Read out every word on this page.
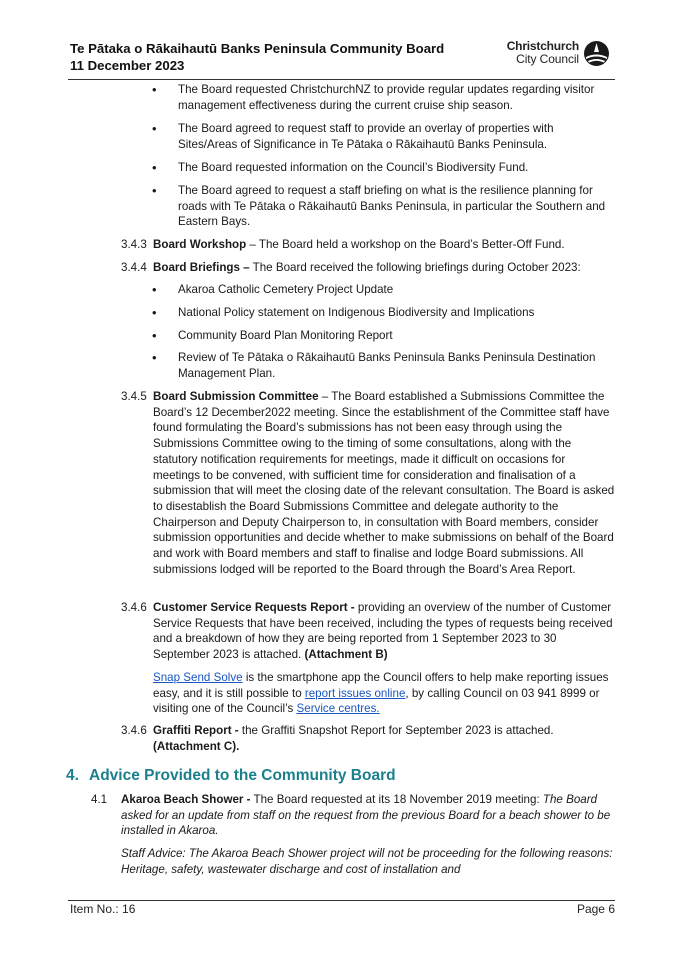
Te Pātaka o Rākaihautū Banks Peninsula Community Board
11 December 2023
Christchurch
City Council
•	The Board requested ChristchurchNZ to provide regular updates regarding visitor management effectiveness during the current cruise ship season.
•	The Board agreed to request staff to provide an overlay of properties with Sites/Areas of Significance in Te Pātaka o Rākaihautū Banks Peninsula.
•	The Board requested information on the Council’s Biodiversity Fund.
•	The Board agreed to request a staff briefing on what is the resilience planning for roads with Te Pātaka o Rākaihautū Banks Peninsula, in particular the Southern and Eastern Bays.
3.4.3 Board Workshop – The Board held a workshop on the Board’s Better-Off Fund.
3.4.4 Board Briefings – The Board received the following briefings during October 2023:
•	Akaroa Catholic Cemetery Project Update
•	National Policy statement on Indigenous Biodiversity and Implications
•	Community Board Plan Monitoring Report
•	Review of Te Pātaka o Rākaihautū Banks Peninsula Banks Peninsula Destination Management Plan.
3.4.5 Board Submission Committee – The Board established a Submissions Committee the Board’s 12 December2022 meeting. Since the establishment of the Committee staff have found formulating the Board’s submissions has not been easy through using the Submissions Committee owing to the timing of some consultations, along with the statutory notification requirements for meetings, made it difficult on occasions for meetings to be convened, with sufficient time for consideration and finalisation of a submission that will meet the closing date of the relevant consultation. The Board is asked to disestablish the Board Submissions Committee and delegate authority to the Chairperson and Deputy Chairperson to, in consultation with Board members, consider submission opportunities and decide whether to make submissions on behalf of the Board and work with Board members and staff to finalise and lodge Board submissions. All submissions lodged will be reported to the Board through the Board’s Area Report.
3.4.6 Customer Service Requests Report - providing an overview of the number of Customer Service Requests that have been received, including the types of requests being received and a breakdown of how they are being reported from 1 September 2023 to 30 September 2023 is attached. (Attachment B)
Snap Send Solve is the smartphone app the Council offers to help make reporting issues easy, and it is still possible to report issues online, by calling Council on 03 941 8999 or visiting one of the Council’s Service centres.
3.4.6 Graffiti Report - the Graffiti Snapshot Report for September 2023 is attached.
(Attachment C).
4. Advice Provided to the Community Board
4.1 Akaroa Beach Shower - The Board requested at its 18 November 2019 meeting: The Board asked for an update from staff on the request from the previous Board for a beach shower to be installed in Akaroa.
Staff Advice: The Akaroa Beach Shower project will not be proceeding for the following reasons: Heritage, safety, wastewater discharge and cost of installation and
Item No.: 16	Page 6
